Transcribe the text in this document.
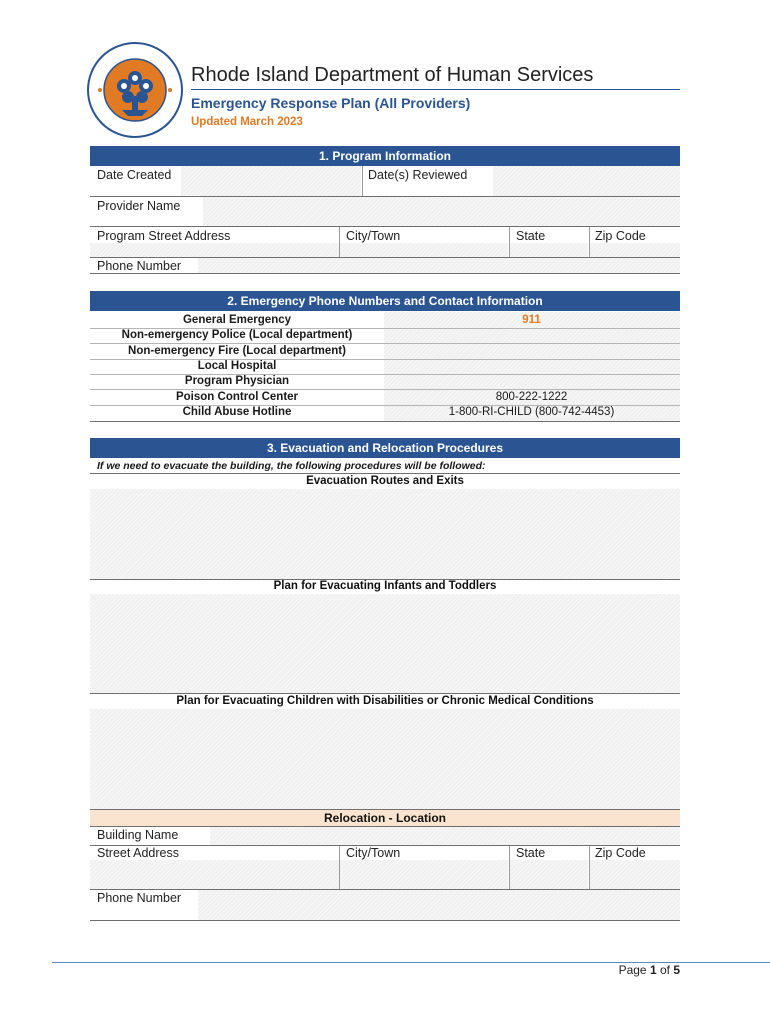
Rhode Island Department of Human Services
Emergency Response Plan (All Providers)
Updated March 2023
1. Program Information
Date Created	Date(s) Reviewed
Provider Name
Program Street Address	City/Town	State	Zip Code
Phone Number
2. Emergency Phone Numbers and Contact Information
General Emergency	911
Non-emergency Police (Local department)
Non-emergency Fire (Local department)
Local Hospital
Program Physician
Poison Control Center	800-222-1222
Child Abuse Hotline	1-800-RI-CHILD (800-742-4453)
3. Evacuation and Relocation Procedures
If we need to evacuate the building, the following procedures will be followed:
Evacuation Routes and Exits
Plan for Evacuating Infants and Toddlers
Plan for Evacuating Children with Disabilities or Chronic Medical Conditions
Relocation - Location
Building Name
Street Address	City/Town	State	Zip Code
Phone Number
Page 1 of 5
